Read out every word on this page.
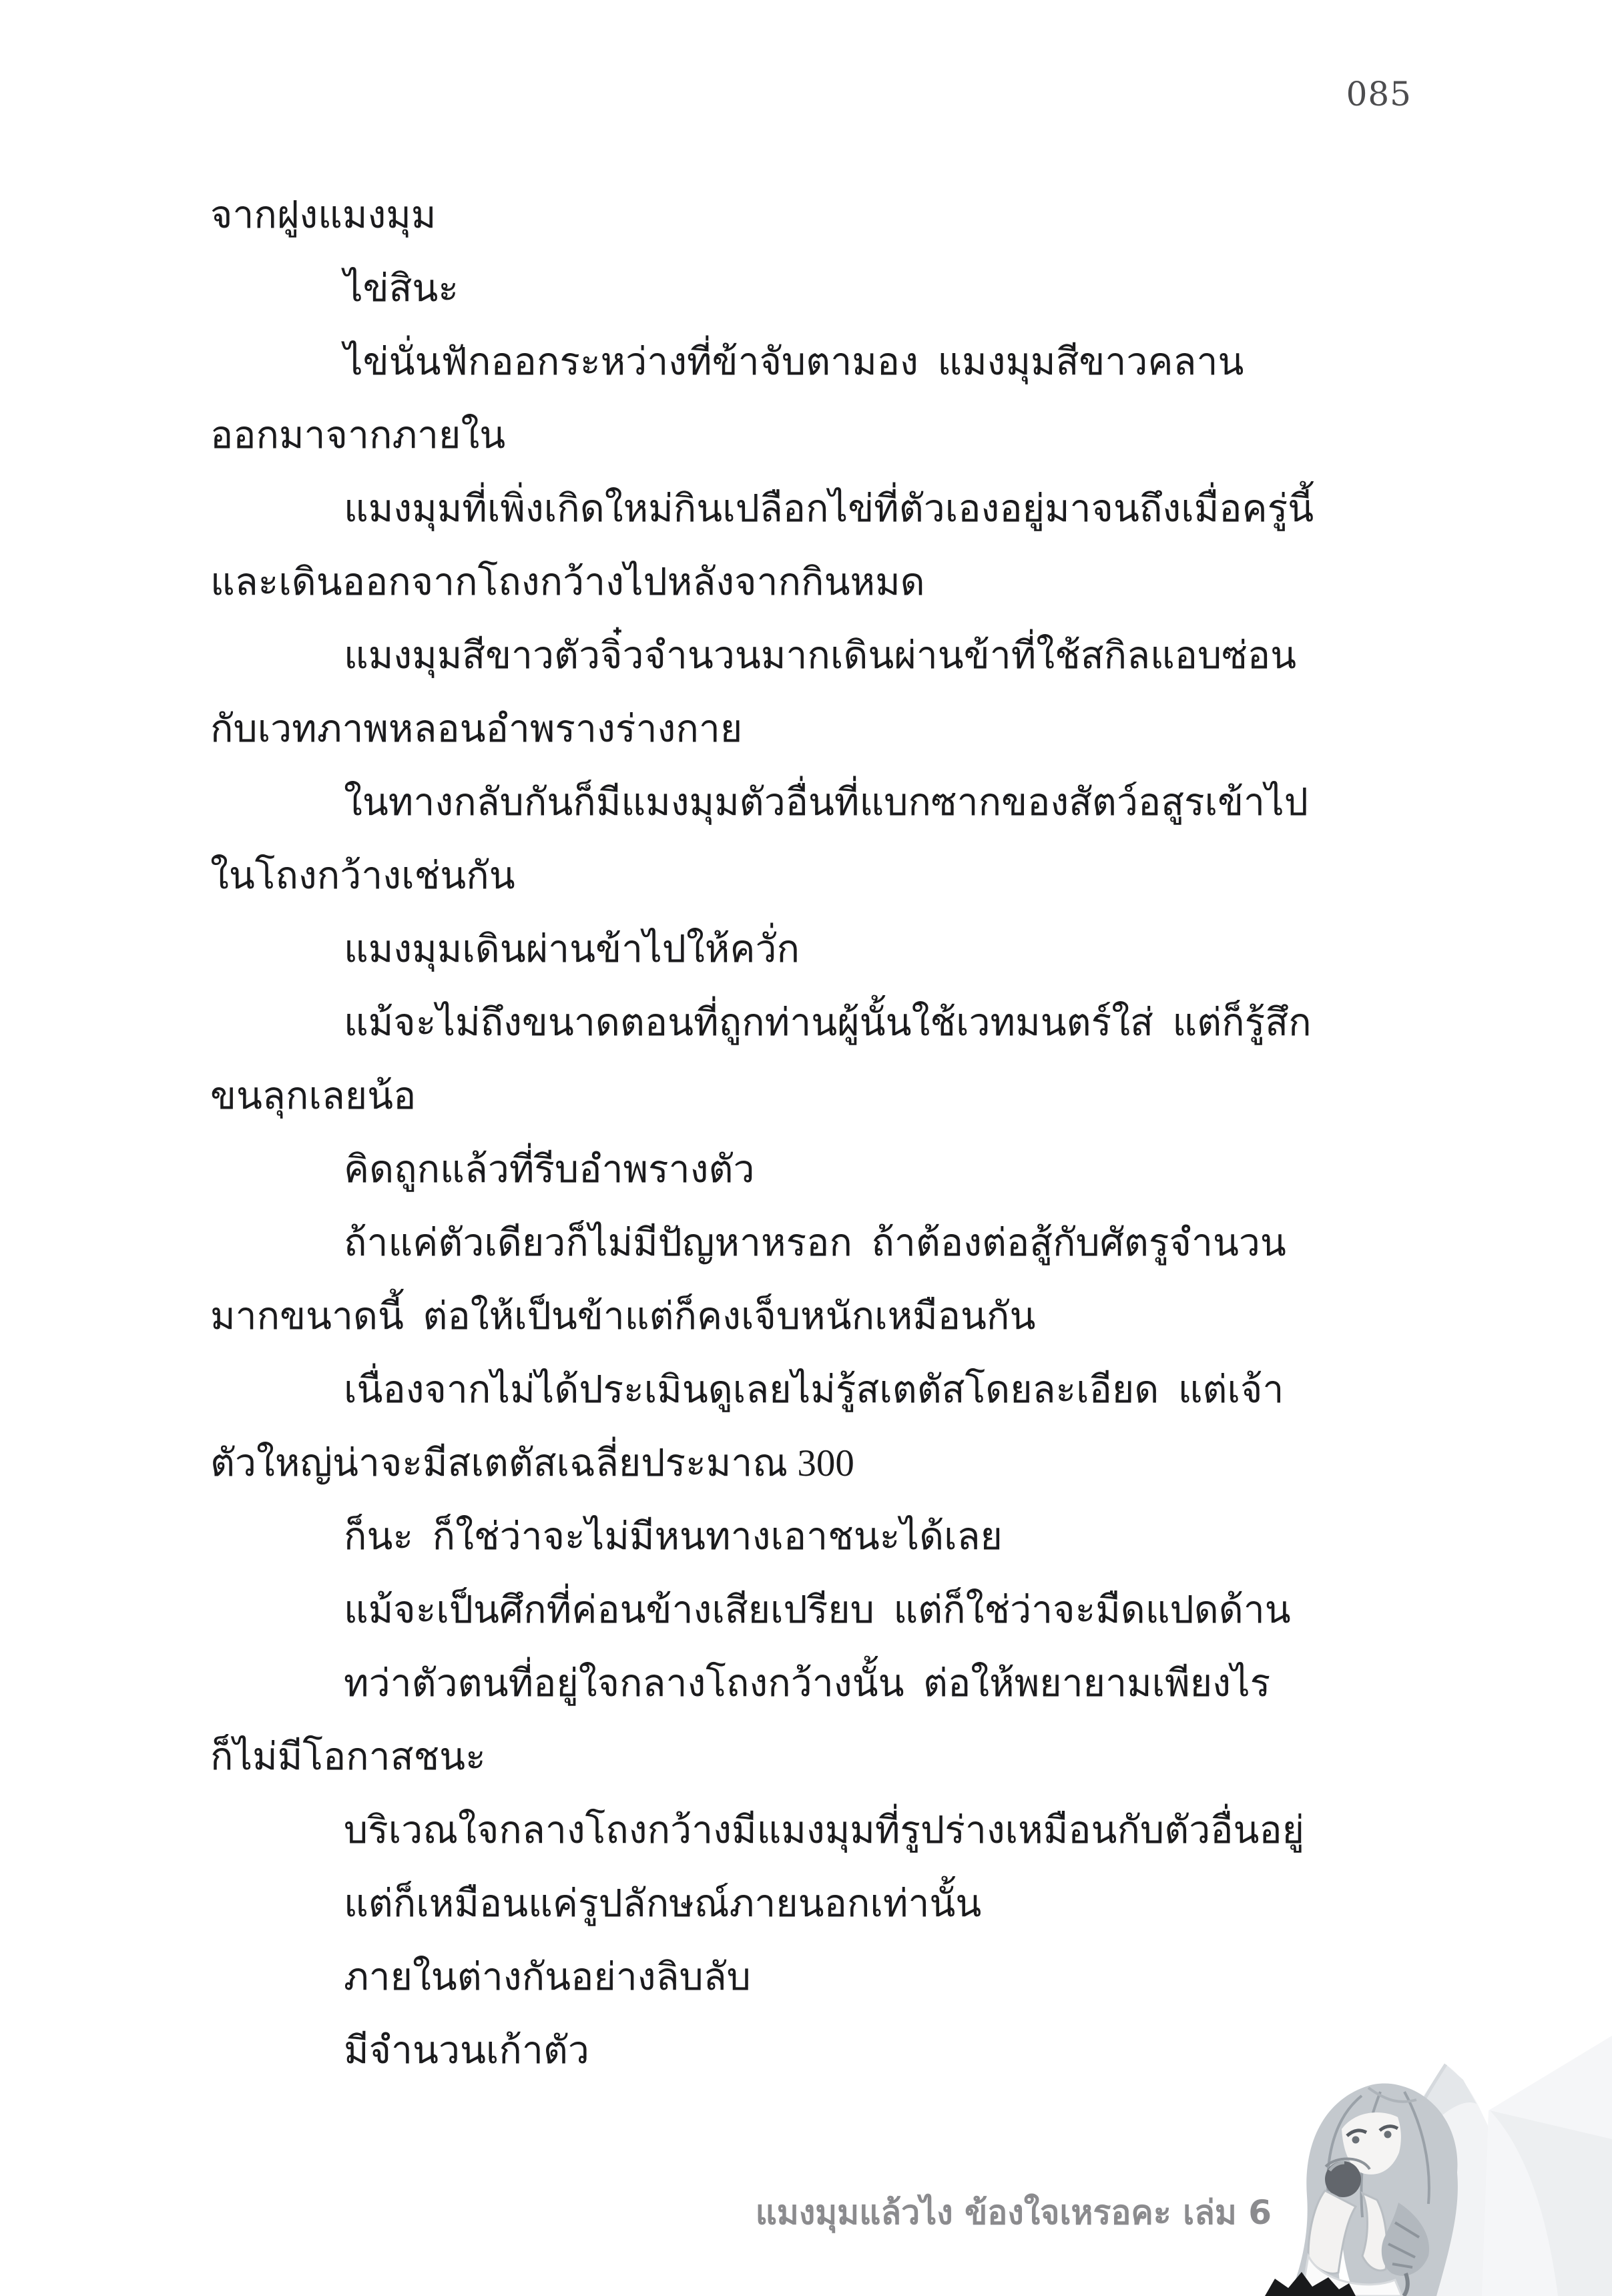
085

จากฝูงแมงมุม

ไข่สินะ

ไข่นั่นฟักออกระหว่างที่ข้าจับตามอง  แมงมุมสีขาวคลาน

ออกมาจากภายใน

แมงมุมที่เพิ่งเกิดใหม่กินเปลือกไข่ที่ตัวเองอยู่มาจนถึงเมื่อครู่นี้

และเดินออกจากโถงกว้างไปหลังจากกินหมด

แมงมุมสีขาวตัวจิ๋วจำนวนมากเดินผ่านข้าที่ใช้สกิลแอบซ่อน

กับเวทภาพหลอนอำพรางร่างกาย

ในทางกลับกันก็มีแมงมุมตัวอื่นที่แบกซากของสัตว์อสูรเข้าไป

ในโถงกว้างเช่นกัน

แมงมุมเดินผ่านข้าไปให้ควั่ก

แม้จะไม่ถึงขนาดตอนที่ถูกท่านผู้นั้นใช้เวทมนตร์ใส่  แต่ก็รู้สึก

ขนลุกเลยน้อ

คิดถูกแล้วที่รีบอำพรางตัว

ถ้าแค่ตัวเดียวก็ไม่มีปัญหาหรอก  ถ้าต้องต่อสู้กับศัตรูจำนวน

มากขนาดนี้  ต่อให้เป็นข้าแต่ก็คงเจ็บหนักเหมือนกัน

เนื่องจากไม่ได้ประเมินดูเลยไม่รู้สเตตัสโดยละเอียด  แต่เจ้า

ตัวใหญ่น่าจะมีสเตตัสเฉลี่ยประมาณ 300

ก็นะ  ก็ใช่ว่าจะไม่มีหนทางเอาชนะได้เลย

แม้จะเป็นศึกที่ค่อนข้างเสียเปรียบ  แต่ก็ใช่ว่าจะมืดแปดด้าน

ทว่าตัวตนที่อยู่ใจกลางโถงกว้างนั้น  ต่อให้พยายามเพียงไร

ก็ไม่มีโอกาสชนะ

บริเวณใจกลางโถงกว้างมีแมงมุมที่รูปร่างเหมือนกับตัวอื่นอยู่

แต่ก็เหมือนแค่รูปลักษณ์ภายนอกเท่านั้น

ภายในต่างกันอย่างลิบลับ

มีจำนวนเก้าตัว

แมงมุมแล้วไง ข้องใจเหรอคะ เล่ม 6
